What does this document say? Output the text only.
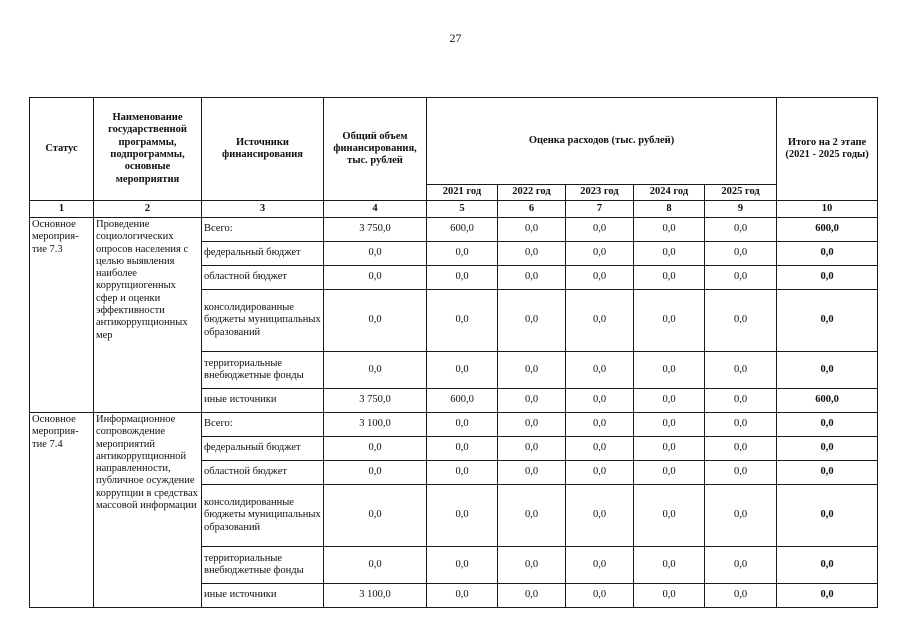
27
Статус	Наименование государственной программы, подпрограммы, основные мероприятия	Источники финансирования	Общий объем финансирования, тыс. рублей	Оценка расходов (тыс. рублей)					Итого на 2 этапе (2021 - 2025 годы)
				2021 год	2022 год	2023 год	2024 год	2025 год	
1	2	3	4	5	6	7	8	9	10
Основное мероприя-тие 7.3	Проведение социологических опросов населения с целью выявления наиболее коррупциогенных сфер и оценки эффективности антикоррупционных мер	Всего:	3 750,0	600,0	0,0	0,0	0,0	0,0	600,0
		федеральный бюджет	0,0	0,0	0,0	0,0	0,0	0,0	0,0
		областной бюджет	0,0	0,0	0,0	0,0	0,0	0,0	0,0
		консолидированные бюджеты муниципальных образований	0,0	0,0	0,0	0,0	0,0	0,0	0,0
		территориальные внебюджетные фонды	0,0	0,0	0,0	0,0	0,0	0,0	0,0
		иные источники	3 750,0	600,0	0,0	0,0	0,0	0,0	600,0
Основное мероприя-тие 7.4	Информационное сопровождение мероприятий антикоррупционной направленности, публичное осуждение коррупции в средствах массовой информации	Всего:	3 100,0	0,0	0,0	0,0	0,0	0,0	0,0
		федеральный бюджет	0,0	0,0	0,0	0,0	0,0	0,0	0,0
		областной бюджет	0,0	0,0	0,0	0,0	0,0	0,0	0,0
		консолидированные бюджеты муниципальных образований	0,0	0,0	0,0	0,0	0,0	0,0	0,0
		территориальные внебюджетные фонды	0,0	0,0	0,0	0,0	0,0	0,0	0,0
		иные источники	3 100,0	0,0	0,0	0,0	0,0	0,0	0,0
